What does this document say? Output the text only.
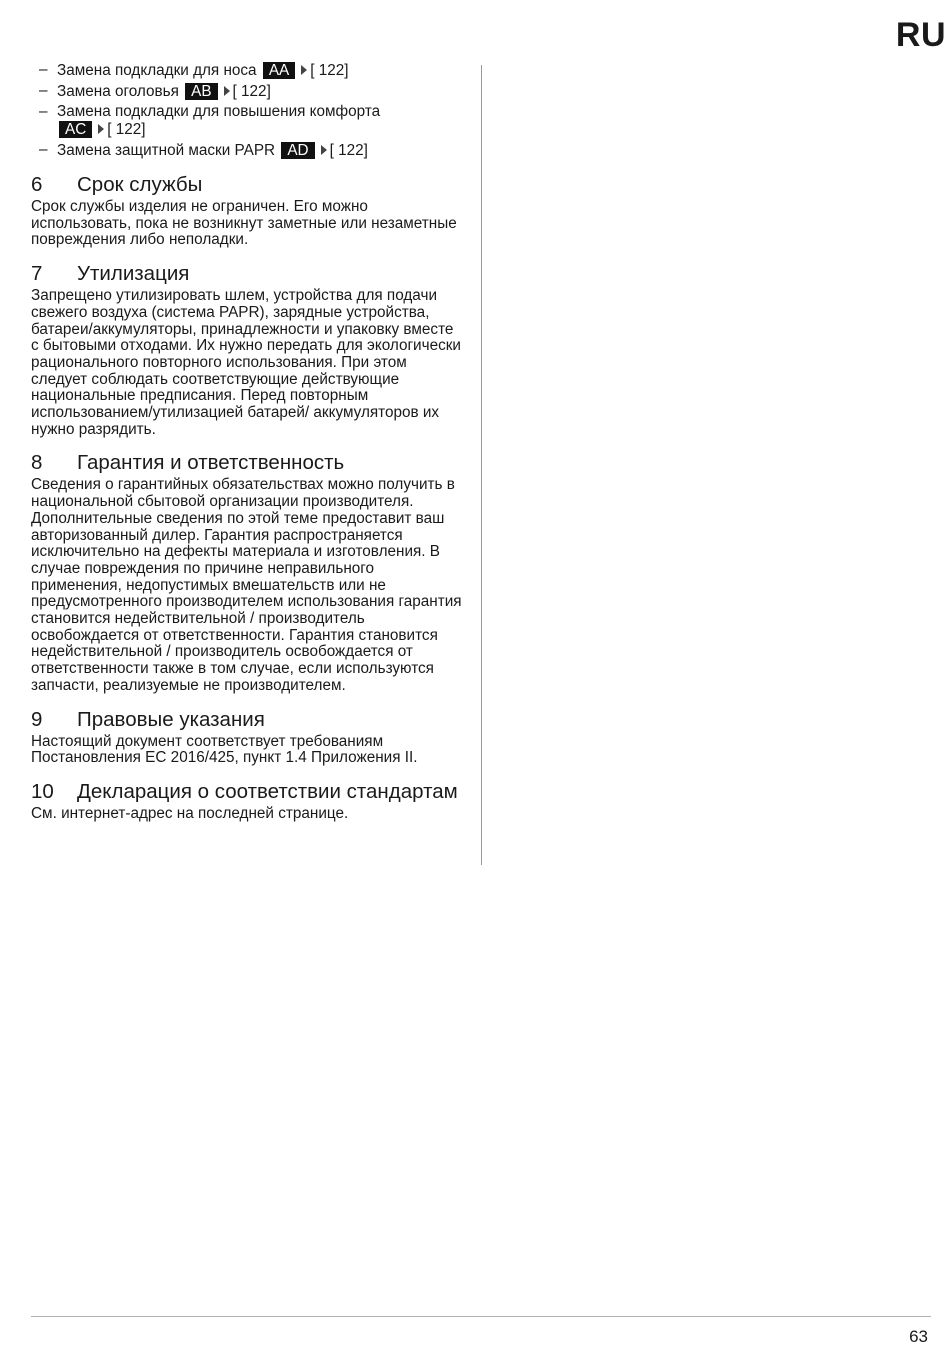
RU
– Замена подкладки для носа AA [ 122]
– Замена оголовья AB [ 122]
– Замена подкладки для повышения комфорта
AC [ 122]
– Замена защитной маски PAPR AD [ 122]
6	Срок службы

Срок службы изделия не ограничен. Его можно использовать, пока не возникнут заметные или незаметные повреждения либо неполадки.

7	Утилизация

Запрещено утилизировать шлем, устройства для подачи свежего воздуха (система PAPR), зарядные устройства, батареи/аккумуляторы, принадлежности и упаковку вместе с бытовыми отходами. Их нужно передать для экологически рационального повторного использования. При этом следует соблюдать соответствующие действующие национальные предписания. Перед повторным использованием/утилизацией батарей/ аккумуляторов их нужно разрядить.

8	Гарантия и ответственность

Сведения о гарантийных обязательствах можно получить в национальной сбытовой организации производителя. Дополнительные сведения по этой теме предоставит ваш авторизованный дилер. Гарантия распространяется исключительно на дефекты материала и изготовления. В случае повреждения по причине неправильного применения, недопустимых вмешательств или не предусмотренного производителем использования гарантия становится недействительной / производитель освобождается от ответственности. Гарантия становится недействительной / производитель освобождается от ответственности также в том случае, если используются запчасти, реализуемые не производителем.

9	Правовые указания

Настоящий документ соответствует требованиям Постановления ЕС 2016/425, пункт 1.4 Приложения II.

10	Декларация о соответствии стандартам

См. интернет-адрес на последней странице.

63
